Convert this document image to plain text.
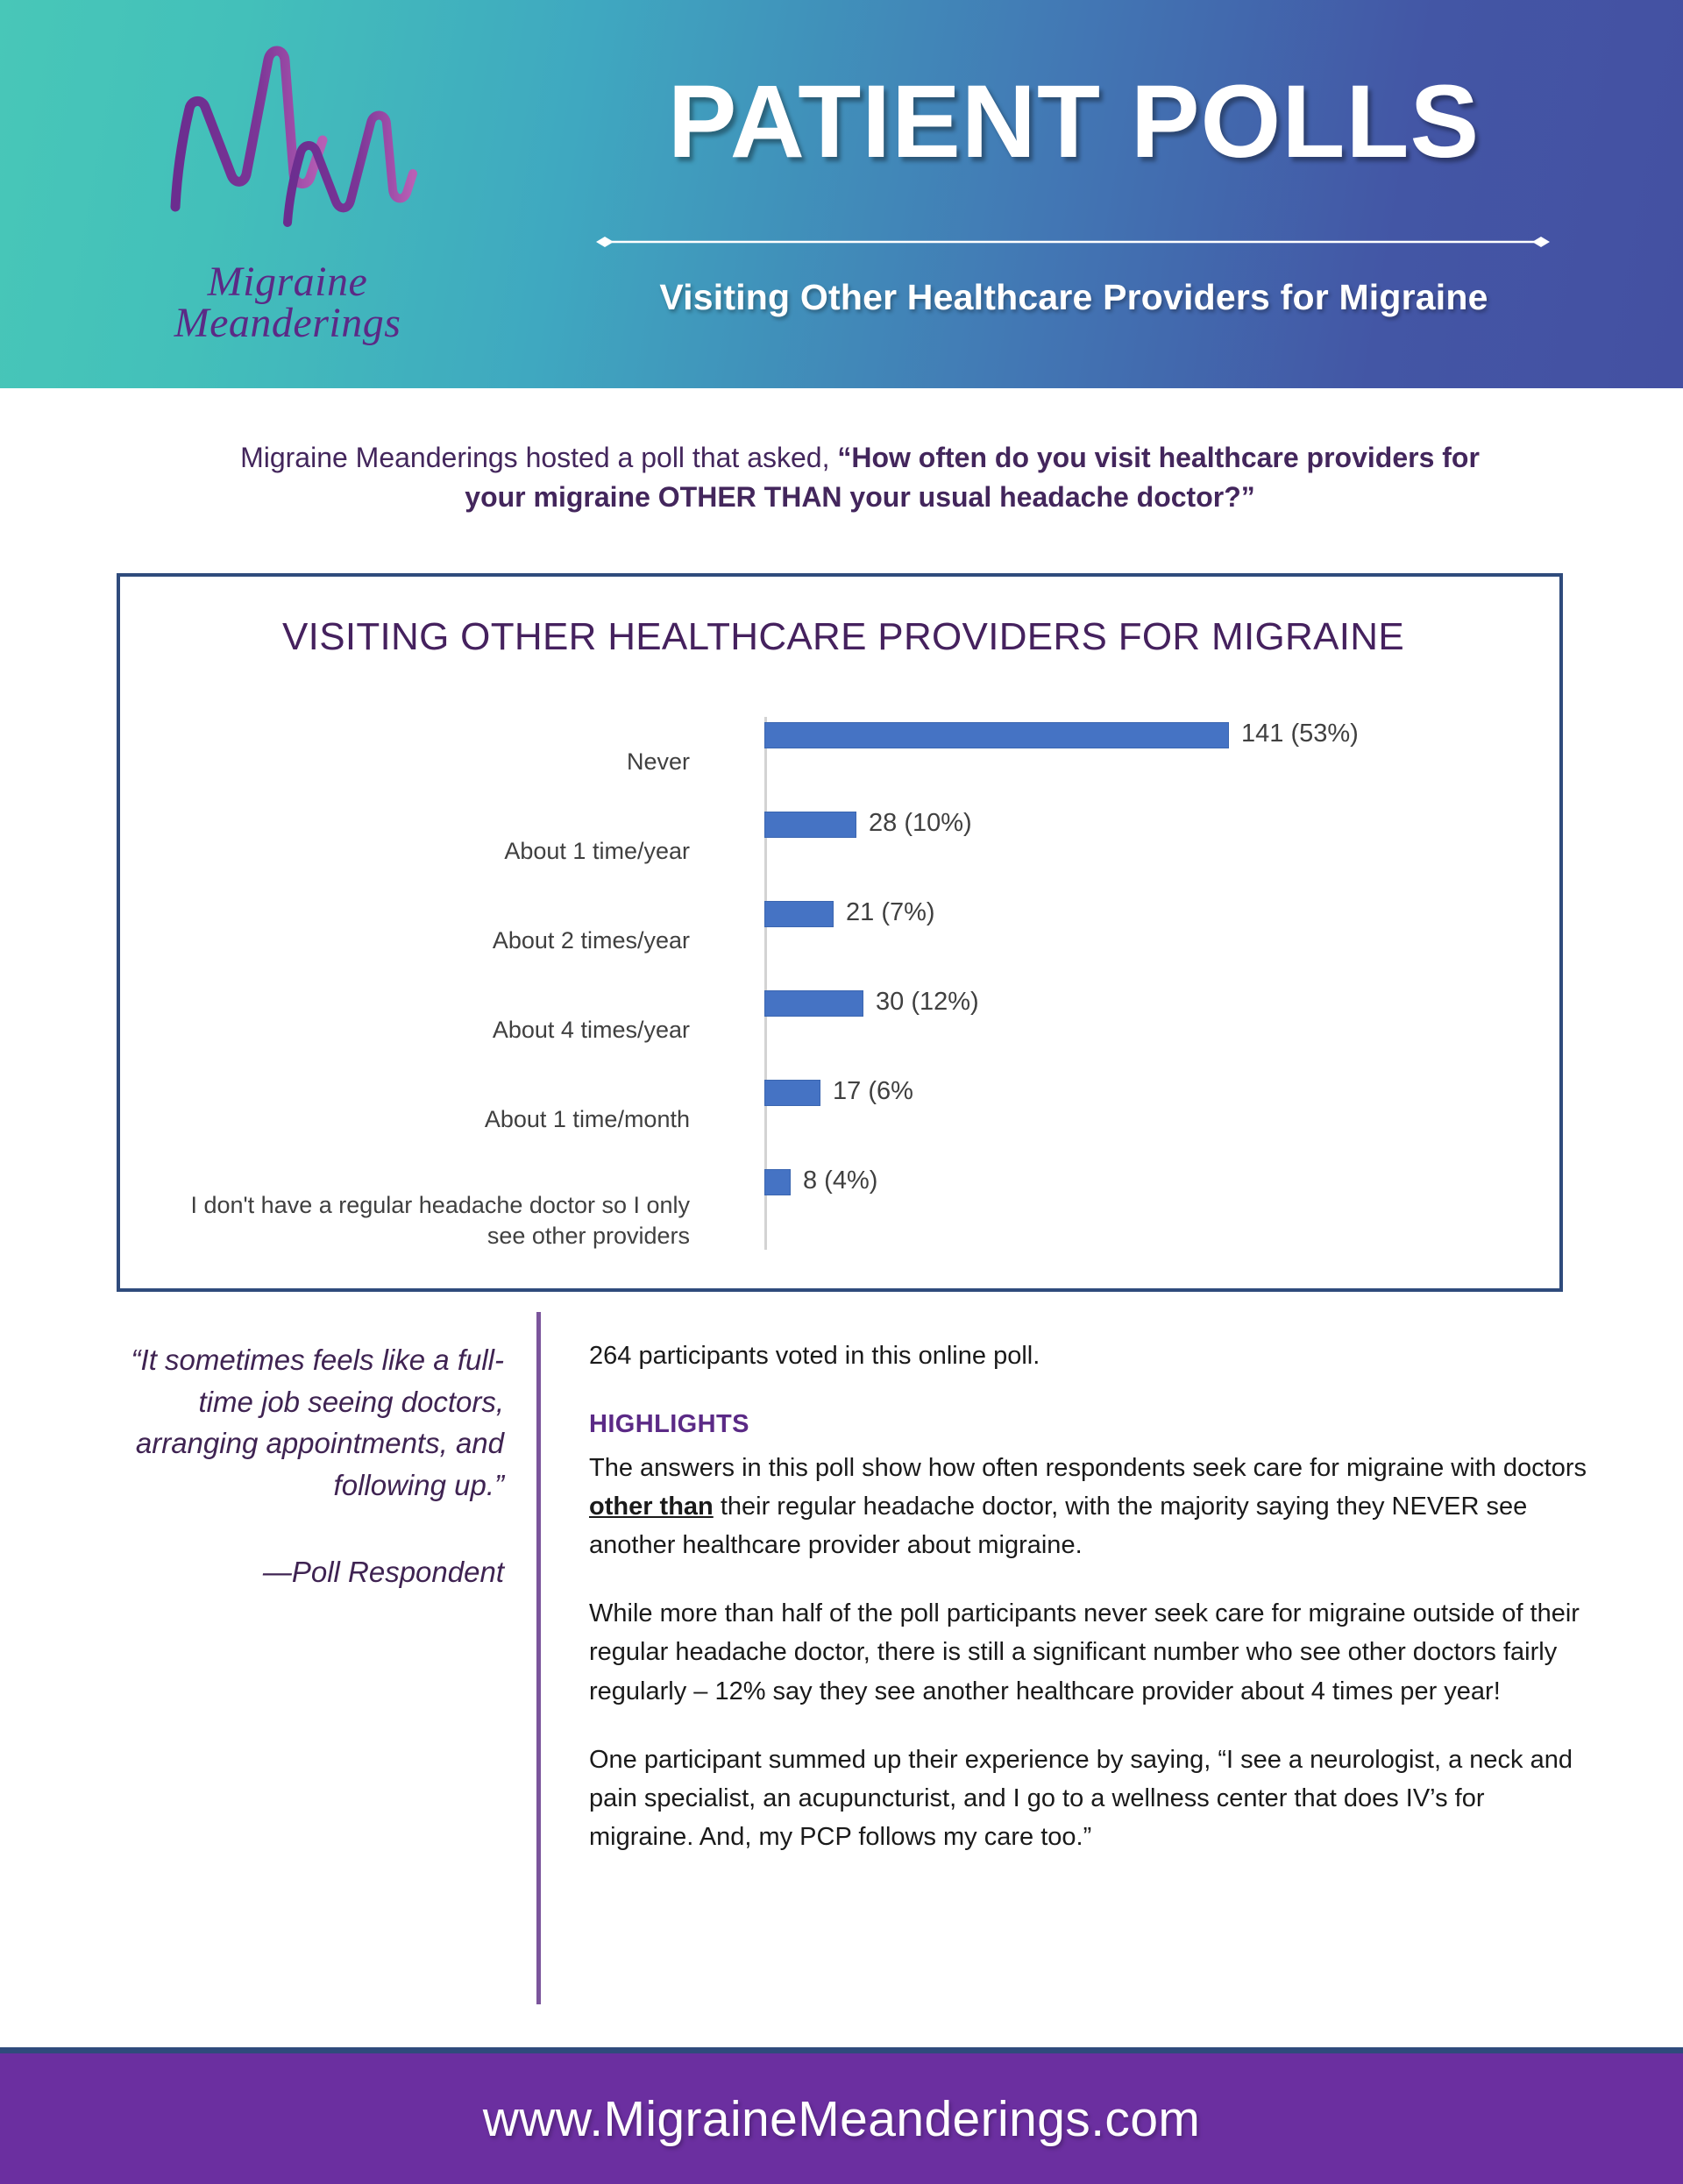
Migraine
Meanderings
PATIENT POLLS
Visiting Other Healthcare Providers for Migraine
Migraine Meanderings hosted a poll that asked, “How often do you visit healthcare providers for your migraine OTHER THAN your usual headache doctor?”
VISITING OTHER HEALTHCARE PROVIDERS FOR MIGRAINE
Never
141 (53%)
About 1 time/year
28 (10%)
About 2 times/year
21 (7%)
About 4 times/year
30 (12%)
About 1 time/month
17 (6%
I don't have a regular headache doctor so I only see other providers
8 (4%)
“It sometimes feels like a full-time job seeing doctors, arranging appointments, and following up.”
—Poll Respondent

264 participants voted in this online poll.

HIGHLIGHTS

The answers in this poll show how often respondents seek care for migraine with doctors other than their regular headache doctor, with the majority saying they NEVER see another healthcare provider about migraine.

While more than half of the poll participants never seek care for migraine outside of their regular headache doctor, there is still a significant number who see other doctors fairly regularly – 12% say they see another healthcare provider about 4 times per year!

One participant summed up their experience by saying, “I see a neurologist, a neck and pain specialist, an acupuncturist, and I go to a wellness center that does IV’s for migraine. And, my PCP follows my care too.”

www.MigraineMeanderings.com
